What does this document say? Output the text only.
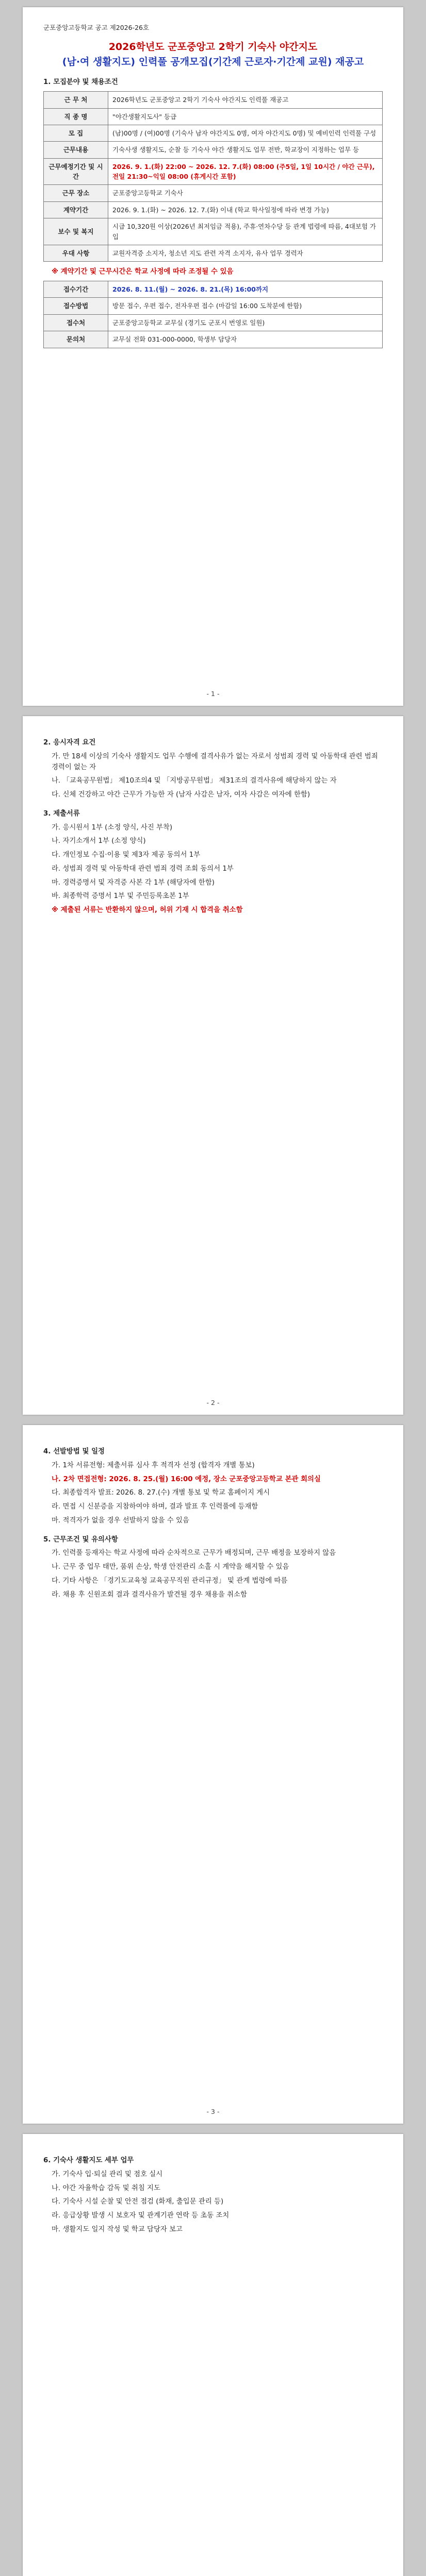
군포중앙고등학교 공고 제2026-26호
2026학년도 군포중앙고 2학기 기숙사 야간지도
(남·여 생활지도) 인력풀 공개모집(기간제 근로자·기간제 교원) 재공고
1. 모집분야 및 채용조건
근 무 처	2026학년도 군포중앙고 2학기 기숙사 야간지도 인력풀 재공고
직 종 명	"야간생활지도사" 등급
모 집	(남)00명 / (여)00명 (기숙사 남자 야간지도 0명, 여자 야간지도 0명) 및 예비인력 인력풀 구성
근무내용	기숙사생 생활지도, 순찰 등 기숙사 야간 생활지도 업무 전반, 학교장이 지정하는 업무 등
근무예정기간 및 시간	2026. 9. 1.(화) 22:00 ~ 2026. 12. 7.(화) 08:00 (주5일, 1일 10시간 / 야간 근무), 전일 21:30~익일 08:00 (휴게시간 포함)
근무 장소	군포중앙고등학교 기숙사
계약기간	2026. 9. 1.(화) ~ 2026. 12. 7.(화) 이내 (학교 학사일정에 따라 변경 가능)
보수 및 복지	시급 10,320원 이상(2026년 최저임금 적용), 주휴·연차수당 등 관계 법령에 따름, 4대보험 가입
우대 사항	교원자격증 소지자, 청소년 지도 관련 자격 소지자, 유사 업무 경력자
※ 계약기간 및 근무시간은 학교 사정에 따라 조정될 수 있음
접수기간	2026. 8. 11.(월) ~ 2026. 8. 21.(목) 16:00까지
접수방법	방문 접수, 우편 접수, 전자우편 접수 (마감일 16:00 도착분에 한함)
접수처	군포중앙고등학교 교무실 (경기도 군포시 번영로 일원)
문의처	교무실 전화 031-000-0000, 학생부 담당자
- 1 -
2. 응시자격 요건
가. 만 18세 이상의 기숙사 생활지도 업무 수행에 결격사유가 없는 자로서 성범죄 경력 및 아동학대 관련 범죄 경력이 없는 자
나. 「교육공무원법」 제10조의4 및 「지방공무원법」 제31조의 결격사유에 해당하지 않는 자
다. 신체 건강하고 야간 근무가 가능한 자 (남자 사감은 남자, 여자 사감은 여자에 한함)
3. 제출서류
가. 응시원서 1부 (소정 양식, 사진 부착)
나. 자기소개서 1부 (소정 양식)
다. 개인정보 수집·이용 및 제3자 제공 동의서 1부
라. 성범죄 경력 및 아동학대 관련 범죄 경력 조회 동의서 1부
마. 경력증명서 및 자격증 사본 각 1부 (해당자에 한함)
바. 최종학력 증명서 1부 및 주민등록초본 1부
※ 제출된 서류는 반환하지 않으며, 허위 기재 시 합격을 취소함
- 2 -
4. 선발방법 및 일정
가. 1차 서류전형: 제출서류 심사 후 적격자 선정 (합격자 개별 통보)
나. 2차 면접전형: 2026. 8. 25.(월) 16:00 예정, 장소 군포중앙고등학교 본관 회의실
다. 최종합격자 발표: 2026. 8. 27.(수) 개별 통보 및 학교 홈페이지 게시
라. 면접 시 신분증을 지참하여야 하며, 결과 발표 후 인력풀에 등재함
마. 적격자가 없을 경우 선발하지 않을 수 있음
5. 근무조건 및 유의사항
가. 인력풀 등재자는 학교 사정에 따라 순차적으로 근무가 배정되며, 근무 배정을 보장하지 않음
나. 근무 중 업무 태만, 품위 손상, 학생 안전관리 소홀 시 계약을 해지할 수 있음
다. 기타 사항은 「경기도교육청 교육공무직원 관리규정」 및 관계 법령에 따름
라. 채용 후 신원조회 결과 결격사유가 발견될 경우 채용을 취소함
- 3 -
6. 기숙사 생활지도 세부 업무
가. 기숙사 입·퇴실 관리 및 점호 실시
나. 야간 자율학습 감독 및 취침 지도
다. 기숙사 시설 순찰 및 안전 점검 (화재, 출입문 관리 등)
라. 응급상황 발생 시 보호자 및 관계기관 연락 등 초동 조치
마. 생활지도 일지 작성 및 학교 담당자 보고
